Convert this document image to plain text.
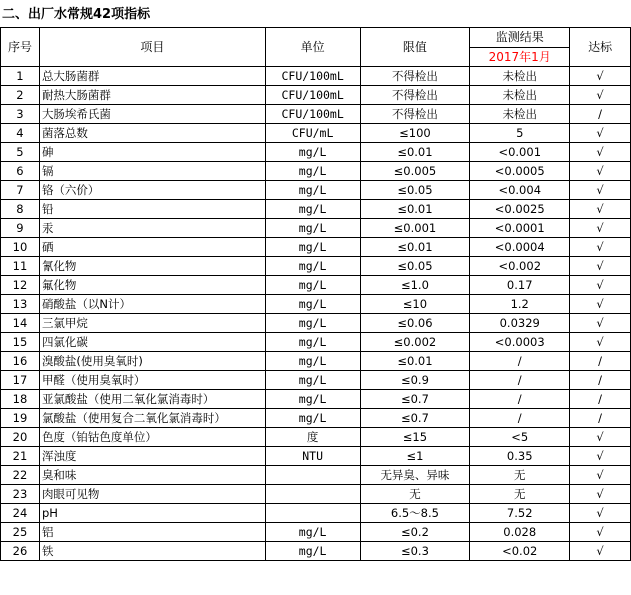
二、出厂水常规42项指标
序号	项目	单位	限值	监测结果	达标
				2017年1月	
1	总大肠菌群	CFU/100mL	不得检出	未检出	√
2	耐热大肠菌群	CFU/100mL	不得检出	未检出	√
3	大肠埃希氏菌	CFU/100mL	不得检出	未检出	/
4	菌落总数	CFU/mL	≤100	5	√
5	砷	mg/L	≤0.01	<0.001	√
6	镉	mg/L	≤0.005	<0.0005	√
7	铬（六价）	mg/L	≤0.05	<0.004	√
8	铅	mg/L	≤0.01	<0.0025	√
9	汞	mg/L	≤0.001	<0.0001	√
10	硒	mg/L	≤0.01	<0.0004	√
11	氰化物	mg/L	≤0.05	<0.002	√
12	氟化物	mg/L	≤1.0	0.17	√
13	硝酸盐（以N计）	mg/L	≤10	1.2	√
14	三氯甲烷	mg/L	≤0.06	0.0329	√
15	四氯化碳	mg/L	≤0.002	<0.0003	√
16	溴酸盐(使用臭氧时)	mg/L	≤0.01	/	/
17	甲醛（使用臭氧时）	mg/L	≤0.9	/	/
18	亚氯酸盐（使用二氧化氯消毒时）	mg/L	≤0.7	/	/
19	氯酸盐（使用复合二氧化氯消毒时）	mg/L	≤0.7	/	/
20	色度（铂钴色度单位）	度	≤15	<5	√
21	浑浊度	NTU	≤1	0.35	√
22	臭和味		无异臭、异味	无	√
23	肉眼可见物		无	无	√
24	pH		6.5～8.5	7.52	√
25	铝	mg/L	≤0.2	0.028	√
26	铁	mg/L	≤0.3	<0.02	√
